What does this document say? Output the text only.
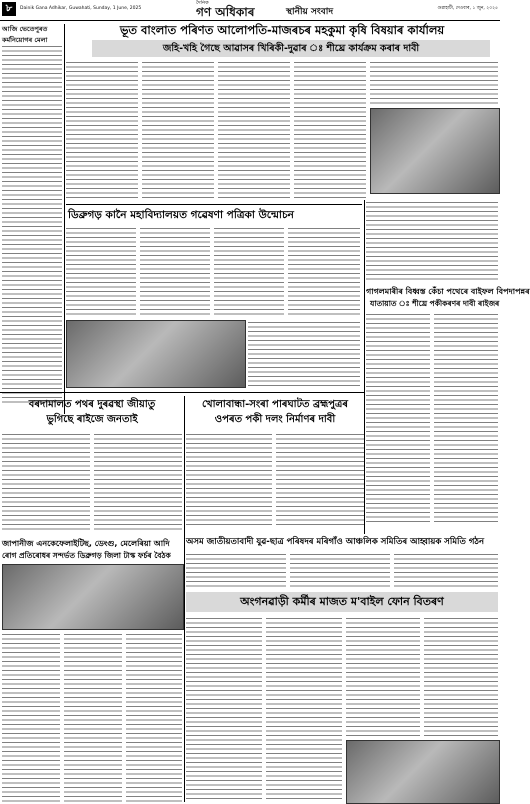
৮	Dainik Gana Adhikar, Guwahati, Sunday, 1 June, 2025
দৈনিক
গণ অধিকাৰ	স্থানীয় সংবাদ	গুৱাহাটী, দেওবাৰ, ১ জুন, ২০২৫
আজি ভেতেপুৰত
কৰ্মনিয়োগৰ মেলা
ভূত বাংলাত পৰিণত আলোপতি-মাজৰচৰ মহকুমা কৃষি বিষয়াৰ কাৰ্যালয়
জহি-খহি গৈছে আৱাসৰ খিৰিকী-দুৱাৰ ঃ শীঘ্ৰে কাৰ্যক্ৰম কৰাৰ দাবী
ডিব্ৰুগড় কানৈ মহাবিদ্যালয়ত গৱেষণা পত্ৰিকা উন্মোচন
গাগলমাৰীৰ বিধ্বস্ত কেঁচা পথেৰে বাইফল বিপদাপন্নৰ
যাতায়াত ঃ শীঘ্ৰে পকীকৰণৰ দাবী ৰাইজৰ
বৰদামালত পথৰ দুৰৱস্থা জীয়াতু
ভুগিছে ৰাইজে জনতাই
খোলাবান্ধা-সংৰা পাৰঘাটত ব্ৰহ্মপুত্ৰৰ
ওপৰত পকী দলং নিৰ্মাণৰ দাবী
জাপানীজ এনকেফেলাইটিছ, ডেংগু, মেলেৰিয়া আদি
ৰোগ প্ৰতিৰোধৰ সন্দৰ্ভত ডিব্ৰুগড় জিলা টাস্ক ফৰ্চৰ বৈঠক
অসম জাতীয়তাবাদী যুৱ-ছাত্ৰ পৰিষদৰ মৰিগাঁও আঞ্চলিক সমিতিৰ আহ্বায়ক সমিতি গঠন
অংগনৱাড়ী কৰ্মীৰ মাজত ম'বাইল ফোন বিতৰণ
